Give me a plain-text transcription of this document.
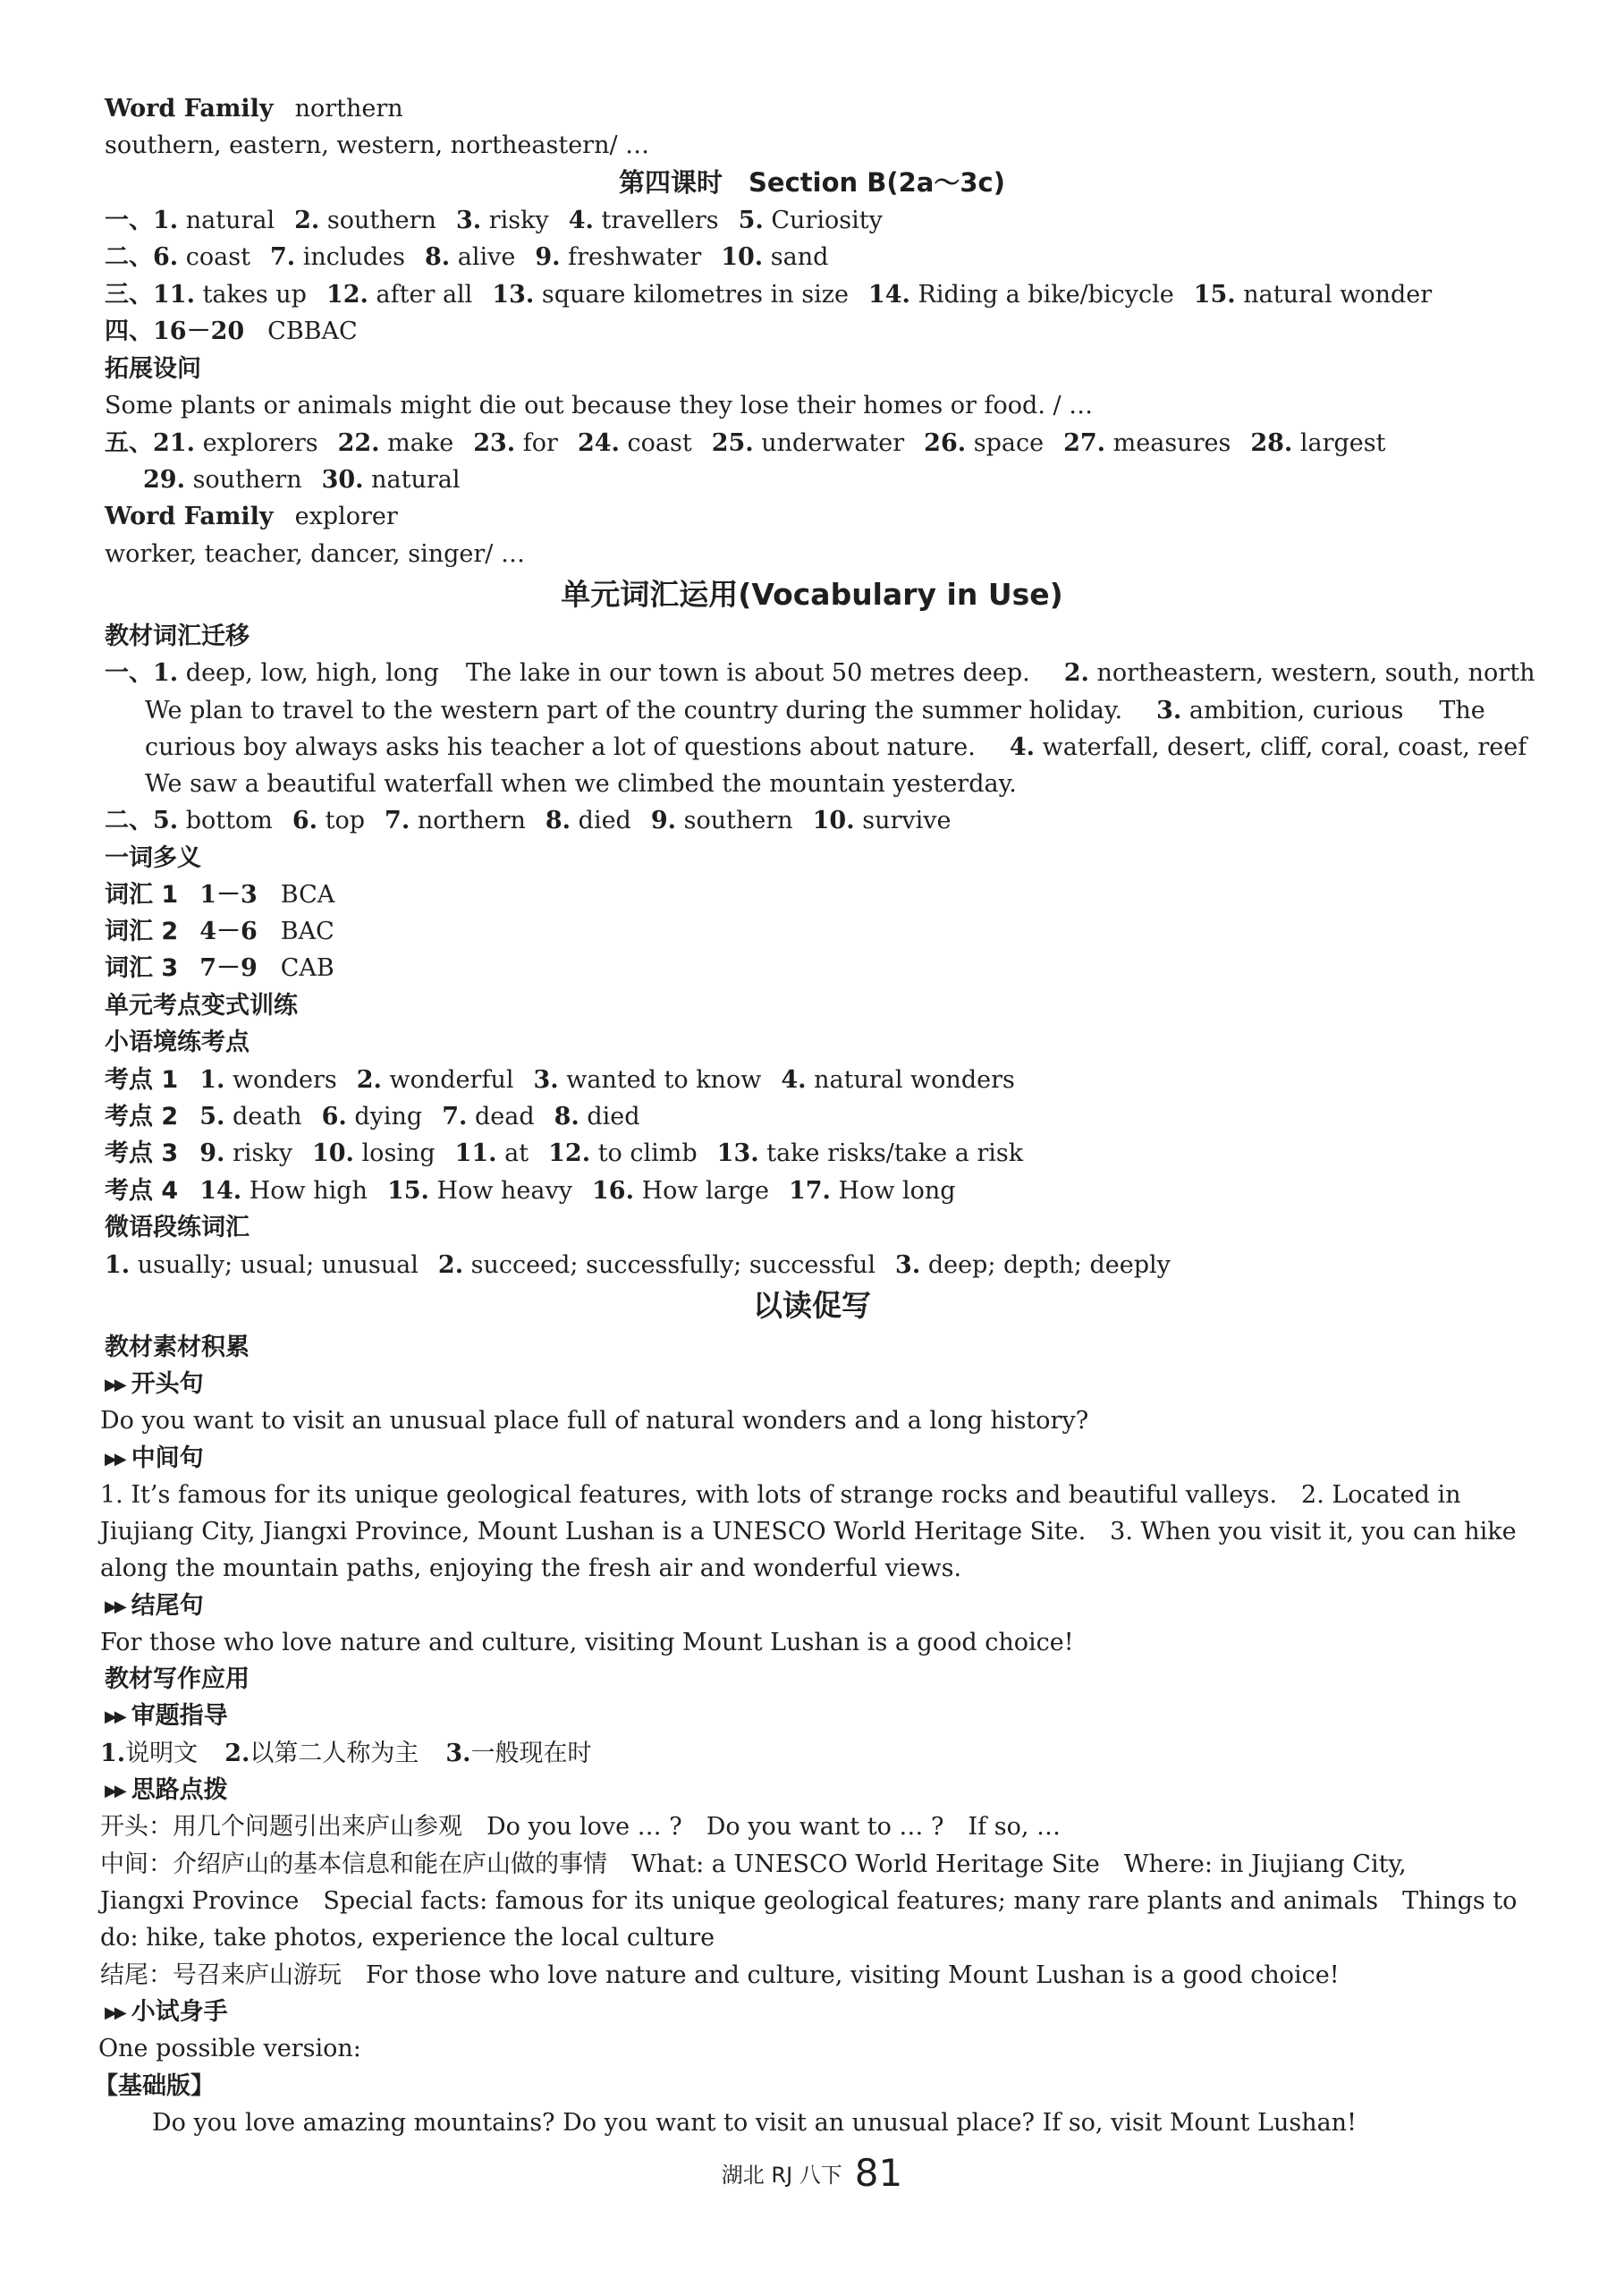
Word Family northern
southern, eastern, western, northeastern/ …
第四课时　Section B(2a～3c)
一、1. natural 2. southern 3. risky 4. travellers 5. Curiosity
二、6. coast 7. includes 8. alive 9. freshwater 10. sand
三、11. takes up 12. after all 13. square kilometres in size 14. Riding a bike/bicycle 15. natural wonder
四、16－20 CBBAC
拓展设问
Some plants or animals might die out because they lose their homes or food. / …
五、21. explorers 22. make 23. for 24. coast 25. underwater 26. space 27. measures 28. largest
29. southern 30. natural
Word Family explorer
worker, teacher, dancer, singer/ …
单元词汇运用(Vocabulary in Use)
教材词汇迁移
一、1. deep, low, high, long The lake in our town is about 50 metres deep. 2. northeastern, western, south, north
We plan to travel to the western part of the country during the summer holiday. 3. ambition, curious The
curious boy always asks his teacher a lot of questions about nature. 4. waterfall, desert, cliff, coral, coast, reef
We saw a beautiful waterfall when we climbed the mountain yesterday.
二、5. bottom 6. top 7. northern 8. died 9. southern 10. survive
一词多义
词汇 1 1－3 BCA
词汇 2 4－6 BAC
词汇 3 7－9 CAB
单元考点变式训练
小语境练考点
考点 1 1. wonders 2. wonderful 3. wanted to know 4. natural wonders
考点 2 5. death 6. dying 7. dead 8. died
考点 3 9. risky 10. losing 11. at 12. to climb 13. take risks/take a risk
考点 4 14. How high 15. How heavy 16. How large 17. How long
微语段练词汇
1. usually; usual; unusual 2. succeed; successfully; successful 3. deep; depth; deeply
以读促写
教材素材积累
▶▶ 开头句
Do you want to visit an unusual place full of natural wonders and a long history?
▶▶ 中间句
1. It’s famous for its unique geological features, with lots of strange rocks and beautiful valleys.　2. Located in
Jiujiang City, Jiangxi Province, Mount Lushan is a UNESCO World Heritage Site.　3. When you visit it, you can hike
along the mountain paths, enjoying the fresh air and wonderful views.
▶▶ 结尾句
For those who love nature and culture, visiting Mount Lushan is a good choice!
教材写作应用
▶▶ 审题指导
1.说明文 2.以第二人称为主 3.一般现在时
▶▶ 思路点拨
开头：用几个问题引出来庐山参观　Do you love … ?　Do you want to … ?　If so, …
中间：介绍庐山的基本信息和能在庐山做的事情　What: a UNESCO World Heritage Site　Where: in Jiujiang City,
Jiangxi Province　Special facts: famous for its unique geological features; many rare plants and animals　Things to
do: hike, take photos, experience the local culture
结尾：号召来庐山游玩　For those who love nature and culture, visiting Mount Lushan is a good choice!
▶▶ 小试身手
One possible version:
【基础版】
Do you love amazing mountains? Do you want to visit an unusual place? If so, visit Mount Lushan!
湖北 RJ 八下 81
